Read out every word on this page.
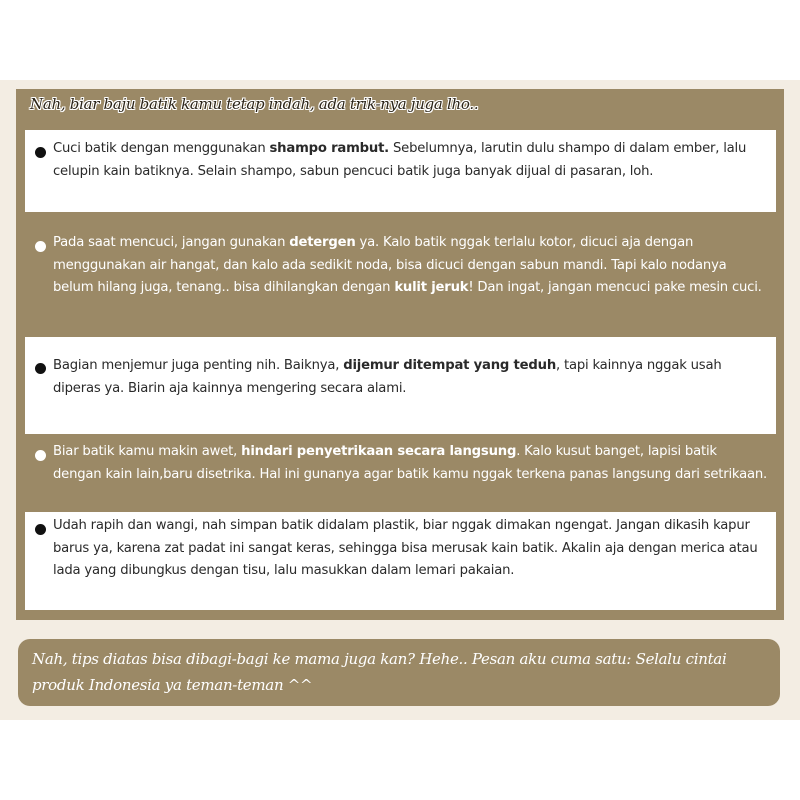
Nah, biar baju batik kamu tetap indah, ada trik-nya juga lho..
Cuci batik dengan menggunakan shampo rambut. Sebelumnya, larutin dulu shampo di dalam ember, lalu celupin kain batiknya. Selain shampo, sabun pencuci batik juga banyak dijual di pasaran, loh.
Pada saat mencuci, jangan gunakan detergen ya. Kalo batik nggak terlalu kotor, dicuci aja dengan menggunakan air hangat, dan kalo ada sedikit noda, bisa dicuci dengan sabun mandi. Tapi kalo nodanya belum hilang juga, tenang.. bisa dihilangkan dengan kulit jeruk! Dan ingat, jangan mencuci pake mesin cuci.
Bagian menjemur juga penting nih. Baiknya, dijemur ditempat yang teduh, tapi kainnya nggak usah diperas ya. Biarin aja kainnya mengering secara alami.
Biar batik kamu makin awet, hindari penyetrikaan secara langsung. Kalo kusut banget, lapisi batik dengan kain lain,baru disetrika. Hal ini gunanya agar batik kamu nggak terkena panas langsung dari setrikaan.
Udah rapih dan wangi, nah simpan batik didalam plastik, biar nggak dimakan ngengat. Jangan dikasih kapur barus ya, karena zat padat ini sangat keras, sehingga bisa merusak kain batik. Akalin aja dengan merica atau lada yang dibungkus dengan tisu, lalu masukkan dalam lemari pakaian.
Nah, tips diatas bisa dibagi-bagi ke mama juga kan? Hehe.. Pesan aku cuma satu: Selalu cintai produk Indonesia ya teman-teman ^^
